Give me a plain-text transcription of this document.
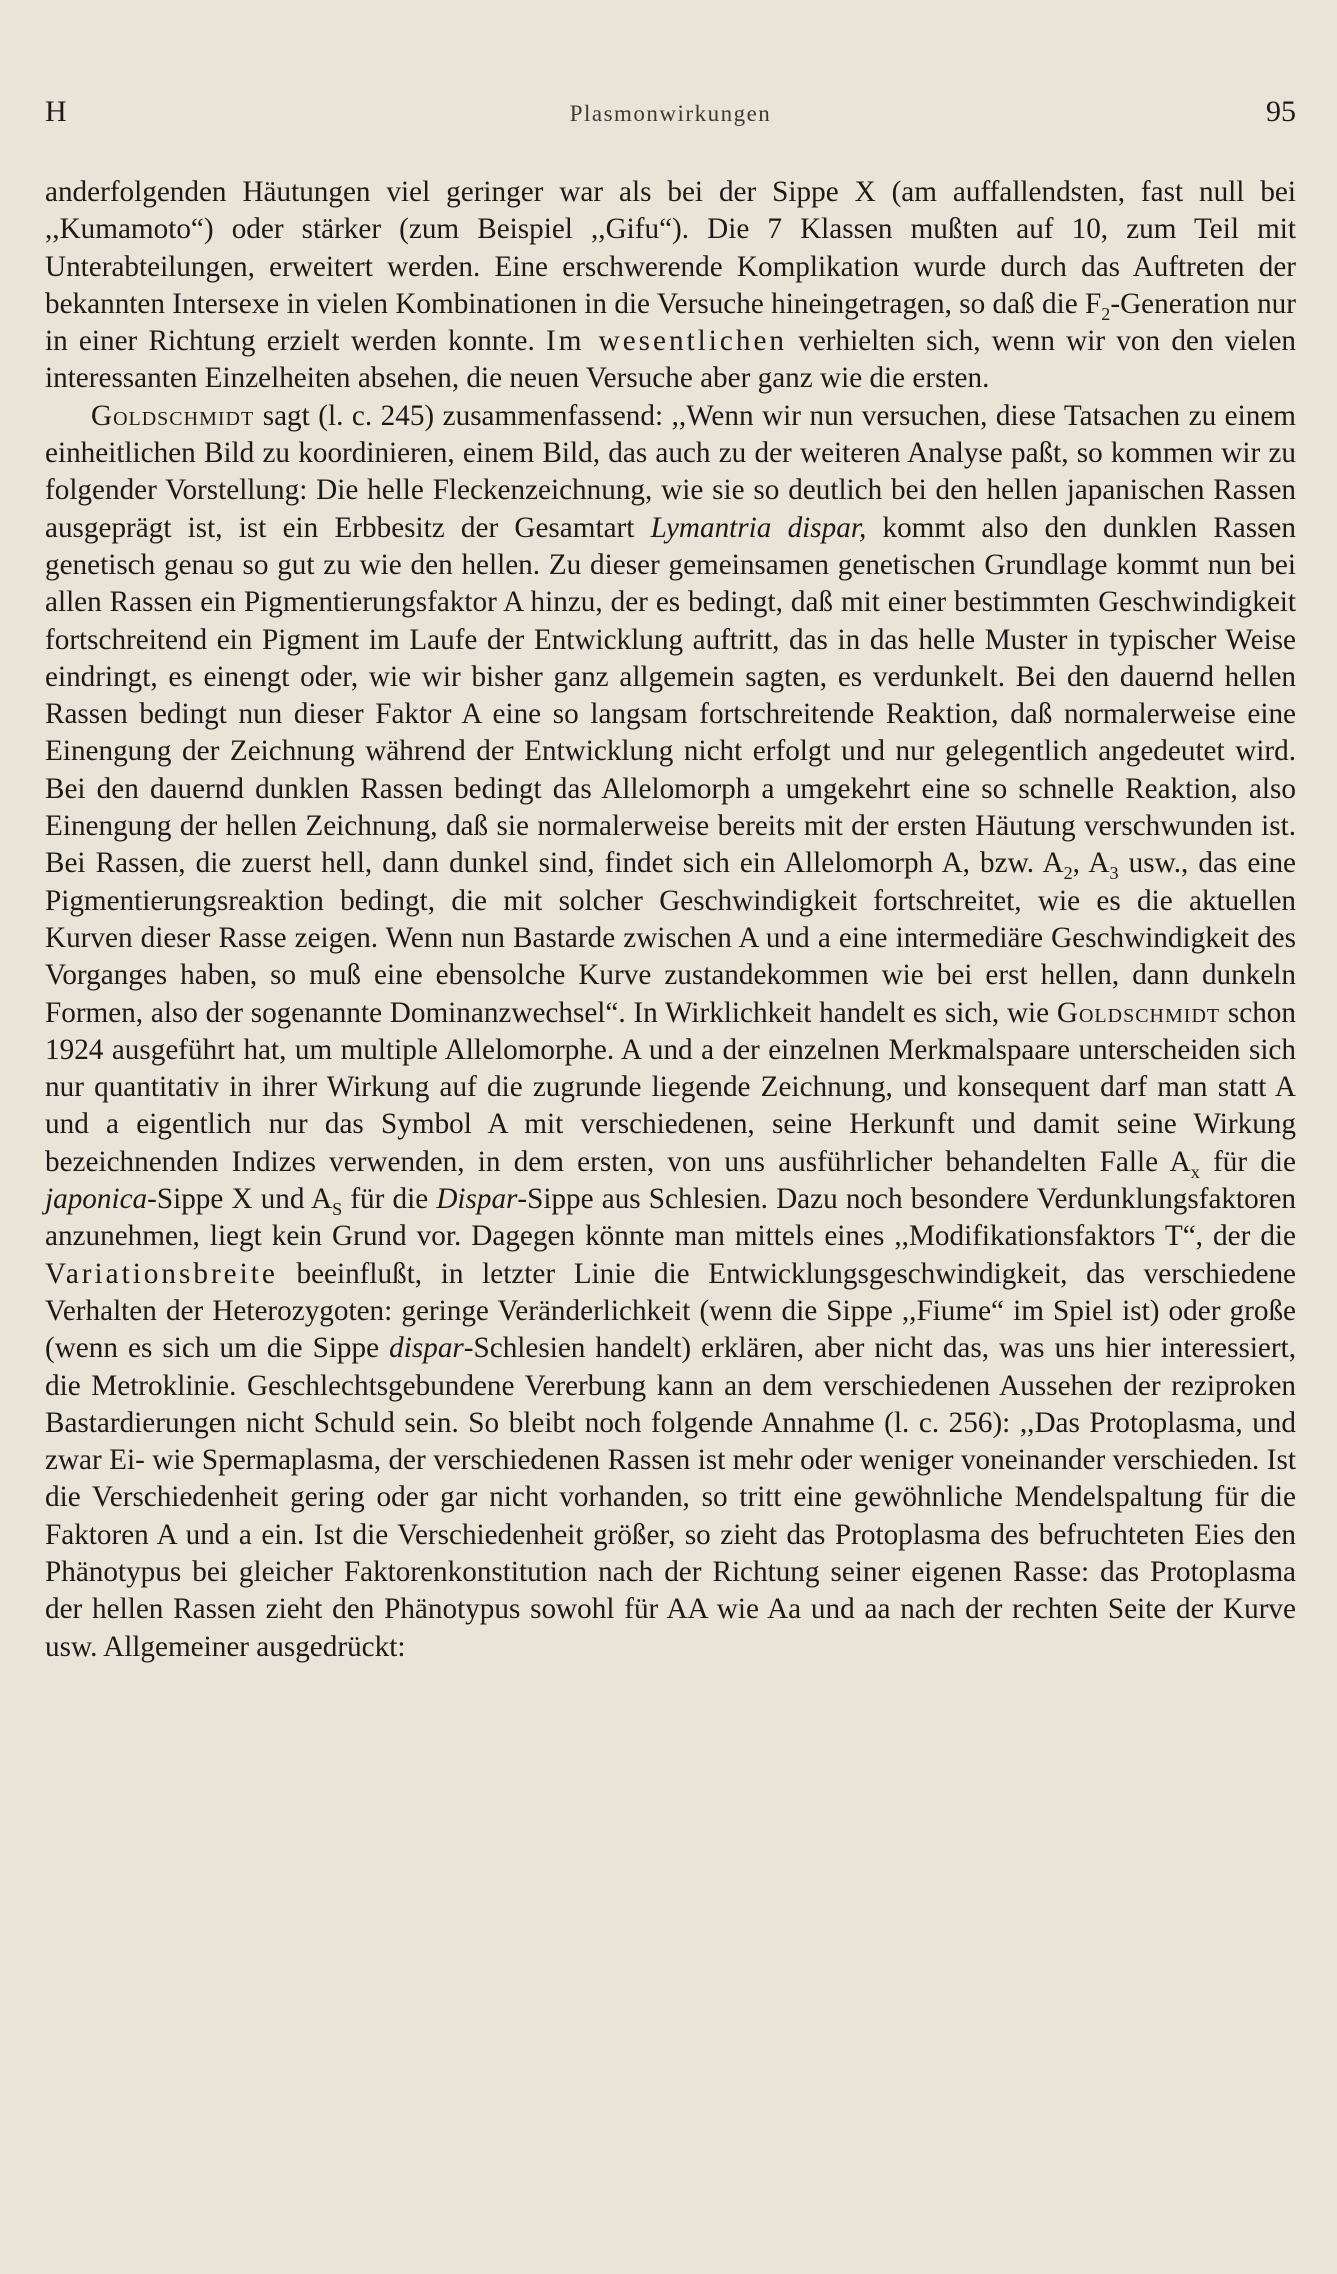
H	Plasmonwirkungen	95

anderfolgenden Häutungen viel geringer war als bei der Sippe X (am auffallendsten, fast null bei ,,Kumamoto“) oder stärker (zum Beispiel ,,Gifu“). Die 7 Klassen mußten auf 10, zum Teil mit Unterabteilungen, erweitert werden. Eine erschwerende Komplikation wurde durch das Auftreten der bekannten Intersexe in vielen Kombinationen in die Versuche hineingetragen, so daß die $F_2$-Generation nur in einer Richtung erzielt werden konnte. Im wesentlichen verhielten sich, wenn wir von den vielen interessanten Einzelheiten absehen, die neuen Versuche aber ganz wie die ersten.

Goldschmidt sagt (l. c. 245) zusammenfassend: ,,Wenn wir nun versuchen, diese Tatsachen zu einem einheitlichen Bild zu koordinieren, einem Bild, das auch zu der weiteren Analyse paßt, so kommen wir zu folgender Vorstellung: Die helle Fleckenzeichnung, wie sie so deutlich bei den hellen japanischen Rassen ausgeprägt ist, ist ein Erbbesitz der Gesamtart Lymantria dispar, kommt also den dunklen Rassen genetisch genau so gut zu wie den hellen. Zu dieser gemeinsamen genetischen Grundlage kommt nun bei allen Rassen ein Pigmentierungsfaktor A hinzu, der es bedingt, daß mit einer bestimmten Geschwindigkeit fortschreitend ein Pigment im Laufe der Entwicklung auftritt, das in das helle Muster in typischer Weise eindringt, es einengt oder, wie wir bisher ganz allgemein sagten, es verdunkelt. Bei den dauernd hellen Rassen bedingt nun dieser Faktor A eine so langsam fortschreitende Reaktion, daß normalerweise eine Einengung der Zeichnung während der Entwicklung nicht erfolgt und nur gelegentlich angedeutet wird. Bei den dauernd dunklen Rassen bedingt das Allelomorph a umgekehrt eine so schnelle Reaktion, also Einengung der hellen Zeichnung, daß sie normalerweise bereits mit der ersten Häutung verschwunden ist. Bei Rassen, die zuerst hell, dann dunkel sind, findet sich ein Allelomorph A, bzw. $A_2$, $A_3$ usw., das eine Pigmentierungsreaktion bedingt, die mit solcher Geschwindigkeit fortschreitet, wie es die aktuellen Kurven dieser Rasse zeigen. Wenn nun Bastarde zwischen A und a eine intermediäre Geschwindigkeit des Vorganges haben, so muß eine ebensolche Kurve zustandekommen wie bei erst hellen, dann dunkeln Formen, also der sogenannte Dominanzwechsel“. In Wirklichkeit handelt es sich, wie Goldschmidt schon 1924 ausgeführt hat, um multiple Allelomorphe. A und a der einzelnen Merkmalspaare unterscheiden sich nur quantitativ in ihrer Wirkung auf die zugrunde liegende Zeichnung, und konsequent darf man statt A und a eigentlich nur das Symbol A mit verschiedenen, seine Herkunft und damit seine Wirkung bezeichnenden Indizes verwenden, in dem ersten, von uns ausführlicher behandelten Falle $A_x$ für die japonica-Sippe X und $A_S$ für die Dispar-Sippe aus Schlesien. Dazu noch besondere Verdunklungsfaktoren anzunehmen, liegt kein Grund vor. Dagegen könnte man mittels eines ,,Modifikationsfaktors T“, der die Variationsbreite beeinflußt, in letzter Linie die Entwicklungsgeschwindigkeit, das verschiedene Verhalten der Heterozygoten: geringe Veränderlichkeit (wenn die Sippe ,,Fiume“ im Spiel ist) oder große (wenn es sich um die Sippe dispar-Schlesien handelt) erklären, aber nicht das, was uns hier interessiert, die Metroklinie. Geschlechtsgebundene Vererbung kann an dem verschiedenen Aussehen der reziproken Bastardierungen nicht Schuld sein. So bleibt noch folgende Annahme (l. c. 256): ,,Das Protoplasma, und zwar Ei- wie Spermaplasma, der verschiedenen Rassen ist mehr oder weniger voneinander verschieden. Ist die Verschiedenheit gering oder gar nicht vorhanden, so tritt eine gewöhnliche Mendelspaltung für die Faktoren A und a ein. Ist die Verschiedenheit größer, so zieht das Protoplasma des befruchteten Eies den Phänotypus bei gleicher Faktorenkonstitution nach der Richtung seiner eigenen Rasse: das Protoplasma der hellen Rassen zieht den Phänotypus sowohl für AA wie Aa und aa nach der rechten Seite der Kurve usw. Allgemeiner ausgedrückt:
